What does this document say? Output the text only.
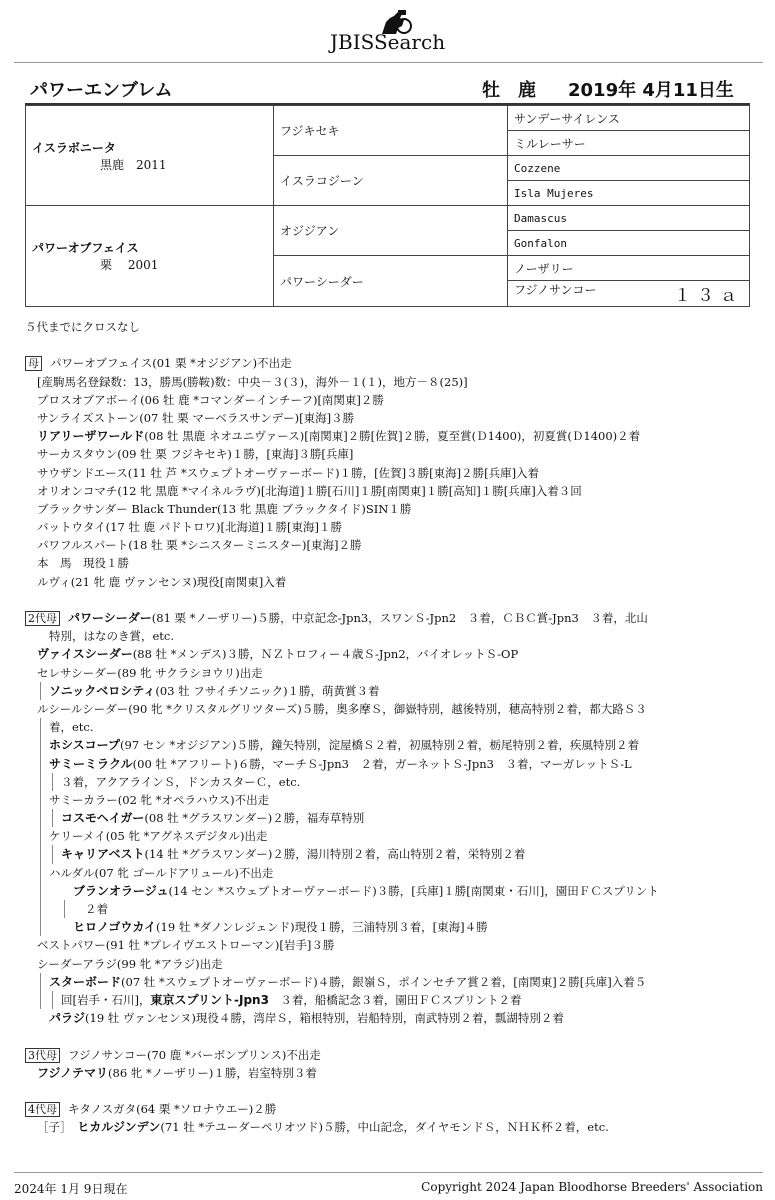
JBISSearch
パワーエンブレム	牡 鹿 2019年 4月11日生
イスラボニータ
黒鹿　 2011	フジキセキ	サンデーサイレンス
		ミルレーサー
	イスラコジーン	Cozzene
		Isla Mujeres

パワーオブフェイス
栗　 2001	オジジアン	Damascus
		Gonfalon
	パワーシーダー	ノーザリー
		フジノサンコー １３ａ
５代までにクロスなし
母 パワーオブフェイス(01 栗 *オジジアン)不出走
[産駒馬名登録数：13，勝馬(勝鞍)数：中央－３(３)，海外－１(１)，地方－８(25)]
プロスオブアボーイ(06 牡 鹿 *コマンダーインチーフ)[南関東]２勝
サンライズストーン(07 牡 栗 マーベラスサンデー)[東海]３勝
リアリーザワールド(08 牡 黒鹿 ネオユニヴァース)[南関東]２勝[佐賀]２勝，夏至賞(Ｄ1400)，初夏賞(Ｄ1400)２着
サーカスタウン(09 牡 栗 フジキセキ)１勝，[東海]３勝[兵庫]
サウザンドエース(11 牡 芦 *スウェプトオーヴァーボード)１勝，[佐賀]３勝[東海]２勝[兵庫]入着
オリオンコマチ(12 牝 黒鹿 *マイネルラヴ)[北海道]１勝[石川]１勝[南関東]１勝[高知]１勝[兵庫]入着３回
ブラックサンダー Black Thunder(13 牝 黒鹿 ブラックタイド)SIN１勝
バットウタイ(17 牡 鹿 パドトロワ)[北海道]１勝[東海]１勝
パワフルスパート(18 牡 栗 *シニスターミニスター)[東海]２勝
本　馬　現役１勝
ルヴィ(21 牝 鹿 ヴァンセンヌ)現役[南関東]入着
2代母 パワーシーダー(81 栗 *ノーザリー)５勝，中京記念-Jpn3，スワンＳ-Jpn2　３着，ＣＢＣ賞-Jpn3　３着，北山
特別，はなのき賞，etc.
ヴァイスシーダー(88 牡 *メンデス)３勝，ＮＺトロフィー４歳Ｓ-Jpn2，バイオレットＳ-OP
セレサシーダー(89 牝 サクラシヨウリ)出走
ソニックベロシティ(03 牡 フサイチソニック)１勝，萌黄賞３着
ルシールシーダー(90 牝 *クリスタルグリツターズ)５勝，奥多摩Ｓ，御嶽特別，越後特別，穂高特別２着，都大路Ｓ３
着，etc.
ホシスコープ(97 セン *オジジアン)５勝，鐘矢特別，淀屋橋Ｓ２着，初風特別２着，栃尾特別２着，疾風特別２着
サミーミラクル(00 牡 *アフリート)６勝，マーチＳ-Jpn3　２着，ガーネットＳ-Jpn3　３着，マーガレットＳ-L
３着，アクアラインＳ，ドンカスターＣ，etc.
サミーカラー(02 牝 *オペラハウス)不出走
コスモヘイガー(08 牡 *グラスワンダー)２勝，福寿草特別
ケリーメイ(05 牝 *アグネスデジタル)出走
キャリアベスト(14 牡 *グラスワンダー)２勝，湯川特別２着，高山特別２着，栄特別２着
ハルダル(07 牝 ゴールドアリュール)不出走
ブランオラージュ(14 セン *スウェプトオーヴァーボード)３勝，[兵庫]１勝[南関東・石川]，園田ＦＣスプリント
２着
ヒロノゴウカイ(19 牡 *ダノンレジェンド)現役１勝，三浦特別３着，[東海]４勝
ベストパワー(91 牡 *プレイヴエストローマン)[岩手]３勝
シーダーアラジ(99 牝 *アラジ)出走
スターボード(07 牡 *スウェプトオーヴァーボード)４勝，銀嶺Ｓ，ポインセチア賞２着，[南関東]２勝[兵庫]入着５
回[岩手・石川]，東京スプリント-Jpn3　３着，船橋記念３着，園田ＦＣスプリント２着
パラジ(19 牡 ヴァンセンヌ)現役４勝，湾岸Ｓ，箱根特別，岩船特別，南武特別２着，瓢湖特別２着
3代母 フジノサンコー(70 鹿 *バーボンプリンス)不出走
フジノテマリ(86 牝 *ノーザリー)１勝，岩室特別３着
4代母 キタノスガタ(64 栗 *ソロナウエー)２勝
［子］　ヒカルジンデン(71 牡 *テユーダーペリオツド)５勝，中山記念，ダイヤモンドＳ，ＮＨＫ杯２着，etc.
2024年 1月 9日現在	Copyright 2024 Japan Bloodhorse Breeders' Association
